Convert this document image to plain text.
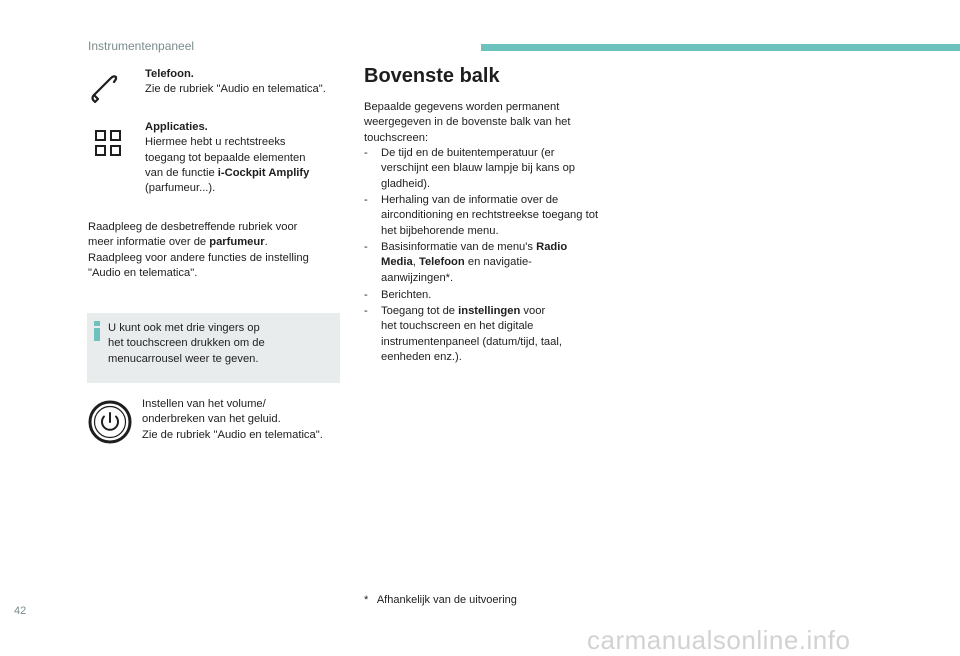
Instrumentenpaneel
Telefoon.
Zie de rubriek "Audio en telematica".
Applicaties.
Hiermee hebt u rechtstreeks
toegang tot bepaalde elementen
van de functie i-Cockpit Amplify
(parfumeur...).
Raadpleeg de desbetreffende rubriek voor
meer informatie over de parfumeur.
Raadpleeg voor andere functies de instelling
"Audio en telematica".
U kunt ook met drie vingers op
het touchscreen drukken om de
menucarrousel weer te geven.
Instellen van het volume/
onderbreken van het geluid.
Zie de rubriek "Audio en telematica".
Bovenste balk
Bepaalde gegevens worden permanent
weergegeven in de bovenste balk van het
touchscreen:
- De tijd en de buitentemperatuur (er
verschijnt een blauw lampje bij kans op
gladheid).
- Herhaling van de informatie over de
airconditioning en rechtstreekse toegang tot
het bijbehorende menu.
- Basisinformatie van de menu's Radio
Media, Telefoon en navigatie-
aanwijzingen*.
- Berichten.
- Toegang tot de instellingen voor
het touchscreen en het digitale
instrumentenpaneel (datum/tijd, taal,
eenheden enz.).
*   Afhankelijk van de uitvoering
42
carmanualsonline.info
